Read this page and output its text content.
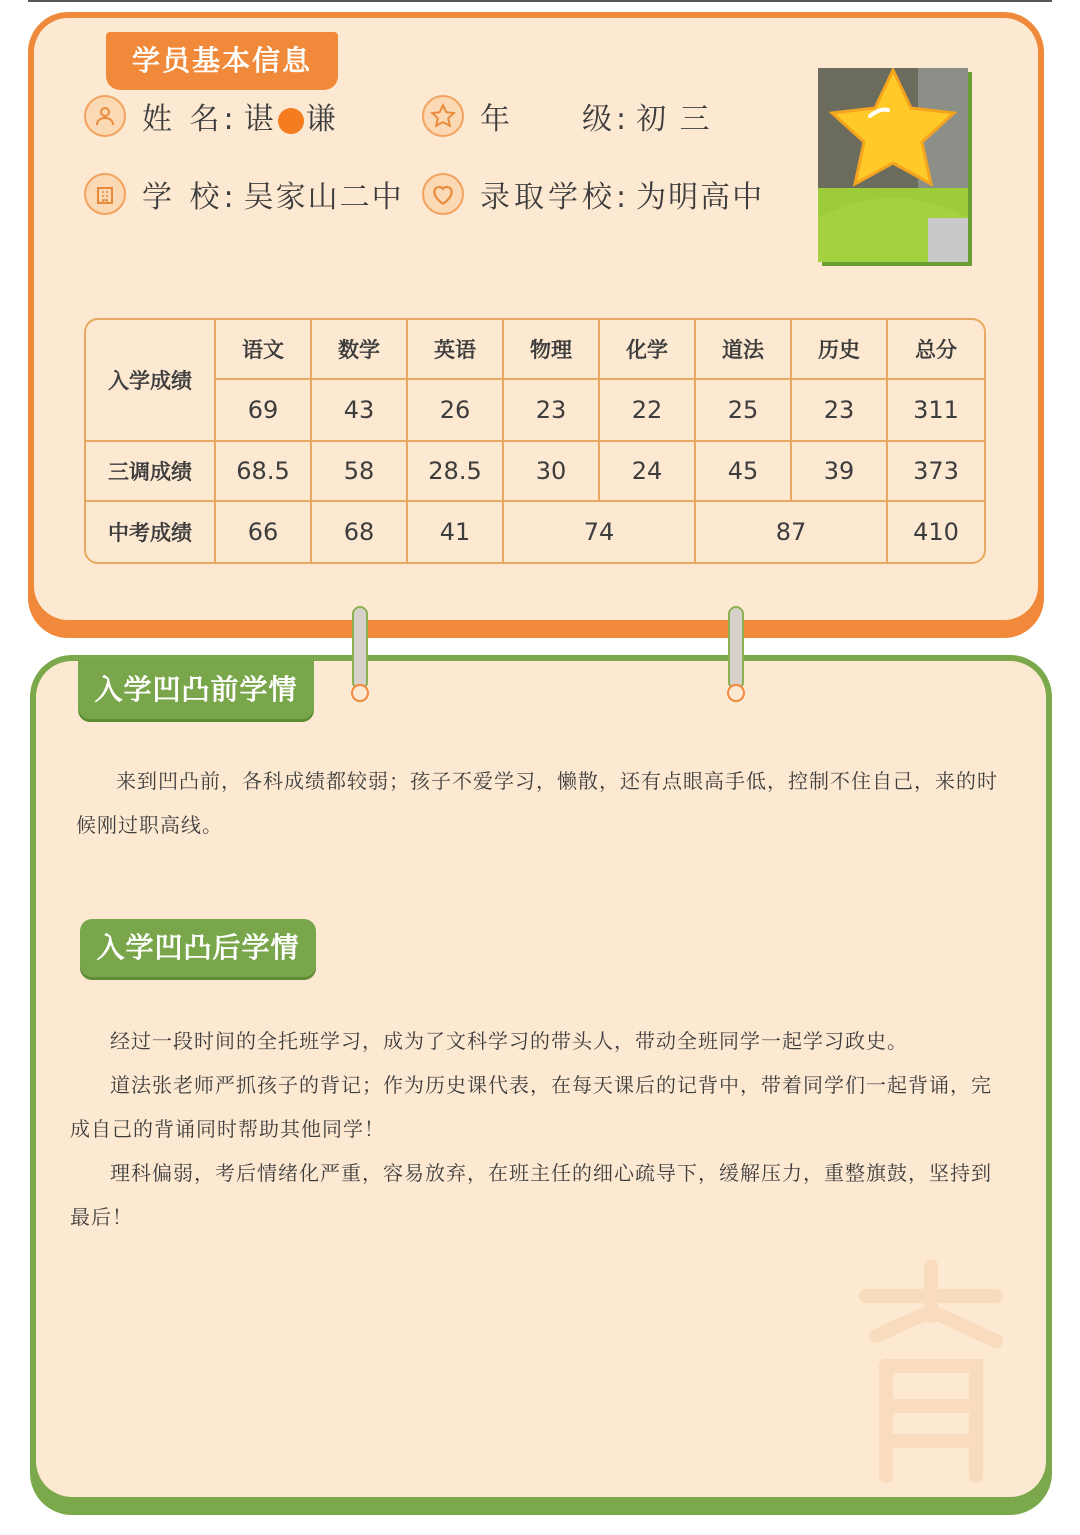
学员基本信息
姓 名: 谌 谦	年　　级: 初 三
学 校: 吴家山二中	录取学校: 为明高中
入学成绩	语文	数学	英语	物理	化学	道法	历史	总分
	69	43	26	23	22	25	23	311
三调成绩	68.5	58	28.5	30	24	45	39	373
中考成绩	66	68	41	74		87		410
入学凹凸前学情

来到凹凸前，各科成绩都较弱；孩子不爱学习，懒散，还有点眼高手低，控制不住自己，来的时候刚过职高线。

入学凹凸后学情

经过一段时间的全托班学习，成为了文科学习的带头人，带动全班同学一起学习政史。

道法张老师严抓孩子的背记；作为历史课代表，在每天课后的记背中，带着同学们一起背诵，完成自己的背诵同时帮助其他同学！

理科偏弱，考后情绪化严重，容易放弃，在班主任的细心疏导下，缓解压力，重整旗鼓，坚持到最后！
